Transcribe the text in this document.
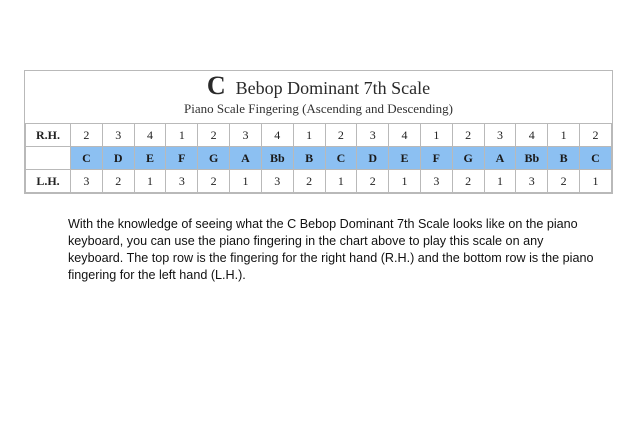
C Bebop Dominant 7th Scale
Piano Scale Fingering (Ascending and Descending)
R.H.	2	3	4	1	2	3	4	1	2	3	4	1	2	3	4	1	2
	C	D	E	F	G	A	Bb	B	C	D	E	F	G	A	Bb	B	C
L.H.	3	2	1	3	2	1	3	2	1	2	1	3	2	1	3	2	1

With the knowledge of seeing what the C Bebop Dominant 7th Scale looks like on the piano keyboard, you can use the piano fingering in the chart above to play this scale on any keyboard. The top row is the fingering for the right hand (R.H.) and the bottom row is the piano fingering for the left hand (L.H.).
